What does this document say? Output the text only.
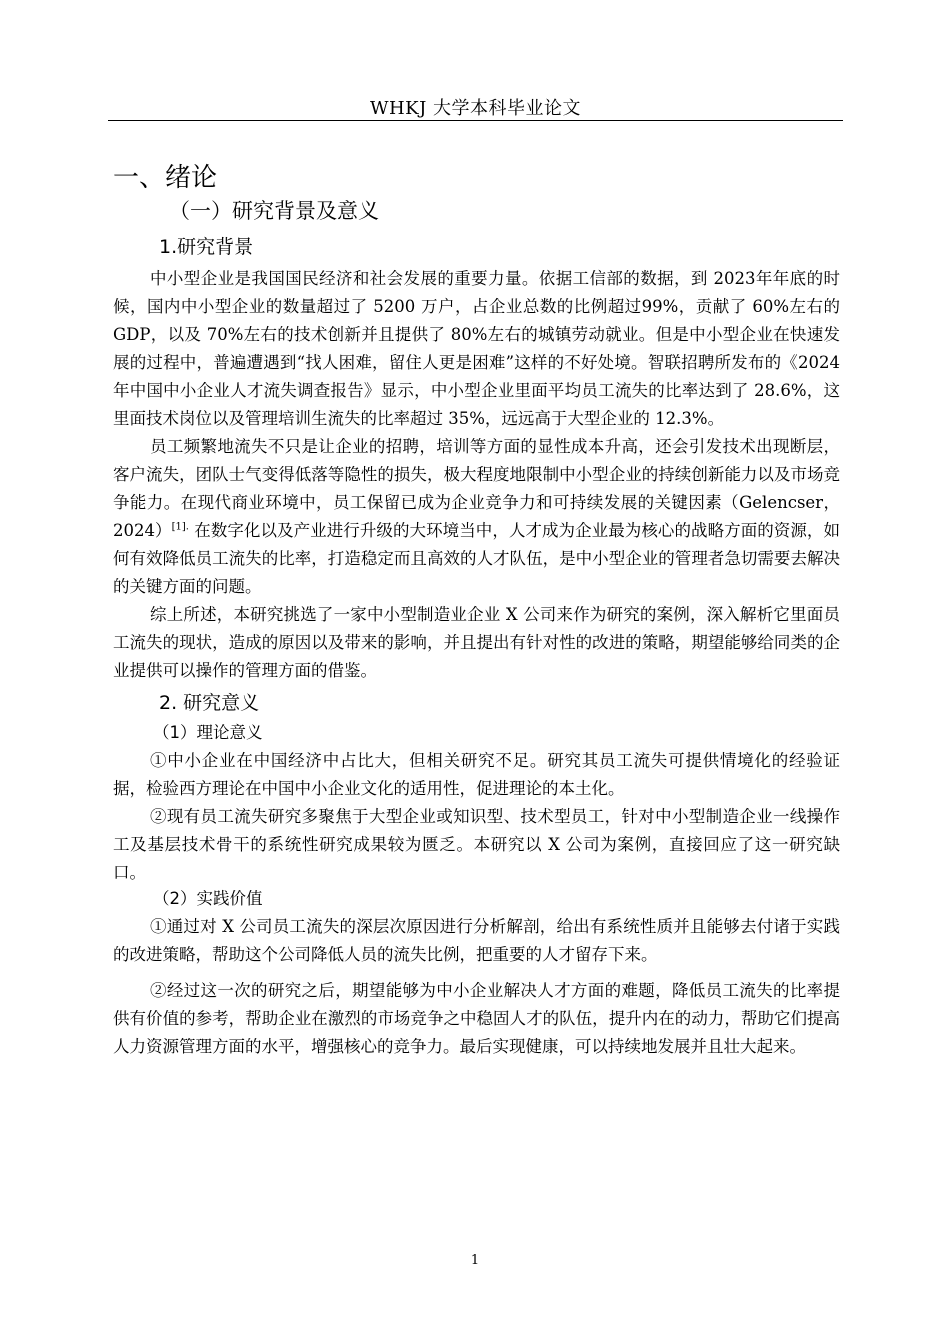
WHKJ 大学本科毕业论文
一、绪论
（一）研究背景及意义
1.研究背景

中小型企业是我国国民经济和社会发展的重要力量。依据工信部的数据，到 2023年年底的时候，国内中小型企业的数量超过了 5200 万户，占企业总数的比例超过99%，贡献了 60%左右的 GDP，以及 70%左右的技术创新并且提供了 80%左右的城镇劳动就业。但是中小型企业在快速发展的过程中，普遍遭遇到“找人困难，留住人更是困难”这样的不好处境。智联招聘所发布的《2024 年中国中小企业人才流失调查报告》显示，中小型企业里面平均员工流失的比率达到了 28.6%，这里面技术岗位以及管理培训生流失的比率超过 35%，远远高于大型企业的 12.3%。

员工频繁地流失不只是让企业的招聘，培训等方面的显性成本升高，还会引发技术出现断层，客户流失，团队士气变得低落等隐性的损失，极大程度地限制中小型企业的持续创新能力以及市场竞争能力。在现代商业环境中，员工保留已成为企业竞争力和可持续发展的关键因素（Gelencser，2024）$^{[1].}$ 在数字化以及产业进行升级的大环境当中，人才成为企业最为核心的战略方面的资源，如何有效降低员工流失的比率，打造稳定而且高效的人才队伍，是中小型企业的管理者急切需要去解决的关键方面的问题。

综上所述，本研究挑选了一家中小型制造业企业 X 公司来作为研究的案例，深入解析它里面员工流失的现状，造成的原因以及带来的影响，并且提出有针对性的改进的策略，期望能够给同类的企业提供可以操作的管理方面的借鉴。

2. 研究意义
（1）理论意义

①中小企业在中国经济中占比大，但相关研究不足。研究其员工流失可提供情境化的经验证据，检验西方理论在中国中小企业文化的适用性，促进理论的本土化。

②现有员工流失研究多聚焦于大型企业或知识型、技术型员工，针对中小型制造企业一线操作工及基层技术骨干的系统性研究成果较为匮乏。本研究以 X 公司为案例，直接回应了这一研究缺口。

（2）实践价值

①通过对 X 公司员工流失的深层次原因进行分析解剖，给出有系统性质并且能够去付诸于实践的改进策略，帮助这个公司降低人员的流失比例，把重要的人才留存下来。

②经过这一次的研究之后，期望能够为中小企业解决人才方面的难题，降低员工流失的比率提供有价值的参考，帮助企业在激烈的市场竞争之中稳固人才的队伍，提升内在的动力，帮助它们提高人力资源管理方面的水平，增强核心的竞争力。最后实现健康，可以持续地发展并且壮大起来。

1
